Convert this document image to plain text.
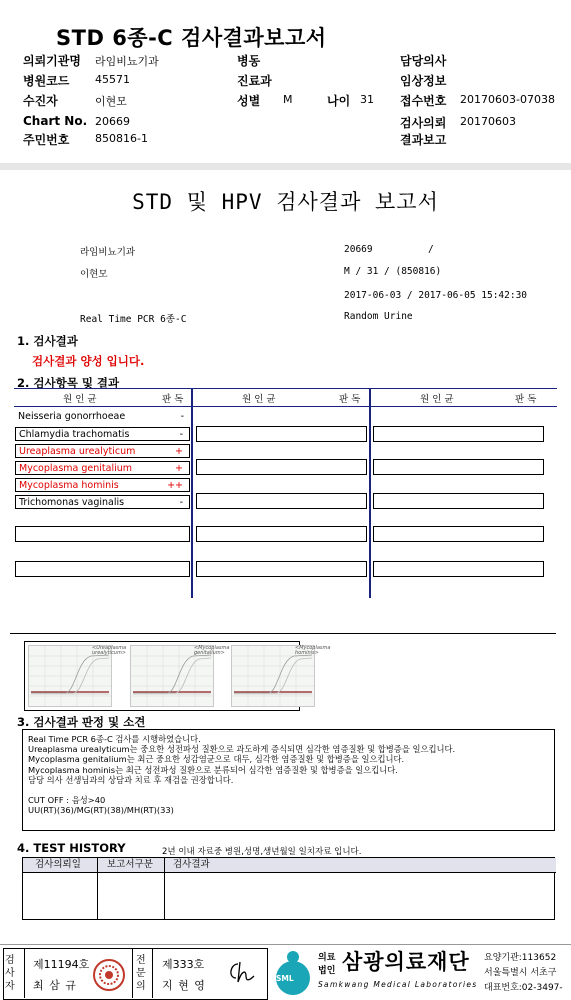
STD 6종-C 검사결과보고서
의뢰기관명 라임비뇨기과
병원코드 45571
수진자	이현모
Chart No. 20669
주민번호 850816-1
병동
진료과
성별 M	나이 31
담당의사
임상정보
접수번호 20170603-07038
검사의뢰 20170603
결과보고
STD 및 HPV 검사결과 보고서
라임비뇨기과	20669	/
이현모	M / 31 / (850816)
2017-06-03 / 2017-06-05 15:42:30
Real Time PCR 6종-C	Random Urine
1. 검사결과
검사결과 양성 입니다.
2. 검사항목 및 결과
원 인 균	판 독	원 인 균	판 독	원 인 균	판 독
Neisseria gonorrhoeae	-
Chlamydia trachomatis	-
Ureaplasma urealyticum	+
Mycoplasma genitalium	+
Mycoplasma hominis	++
Trichomonas vaginalis	-
<Ureaplasma urealyticum>
<Mycoplasma genitalium>
<Mycoplasma hominis>
3. 검사결과 판정 및 소견
Real Time PCR 6종-C 검사를 시행하였습니다.
Ureaplasma urealyticum는 중요한 성전파성 질환으로 과도하게 증식되면 심각한 염증질환 및 합병증을 일으킵니다.
Mycoplasma genitalium는 최근 중요한 성감염균으로 대두, 심각한 염증질환 및 합병증을 일으킵니다.
Mycoplasma hominis는 최근 성전파성 질환으로 분류되어 심각한 염증질환 및 합병증을 일으킵니다.
담당 의사 선생님과의 상담과 치료 후 재검을 권장합니다.
CUT OFF : 음성>40
UU(RT)(36)/MG(RT)(38)/MH(RT)(33)
4. TEST HISTORY	2년 이내 자료중 병원,성명,생년월일 일치자료 입니다.
검사의뢰일	보고서구분 검사결과
검사자
제11194호
최 삼 규
전문의
제333호
지 현 영
SML
의료
법인 삼광의료재단
Samkwang Medical Laboratories
요양기관:113652
서울특별시 서초구
대표번호:02-3497-
